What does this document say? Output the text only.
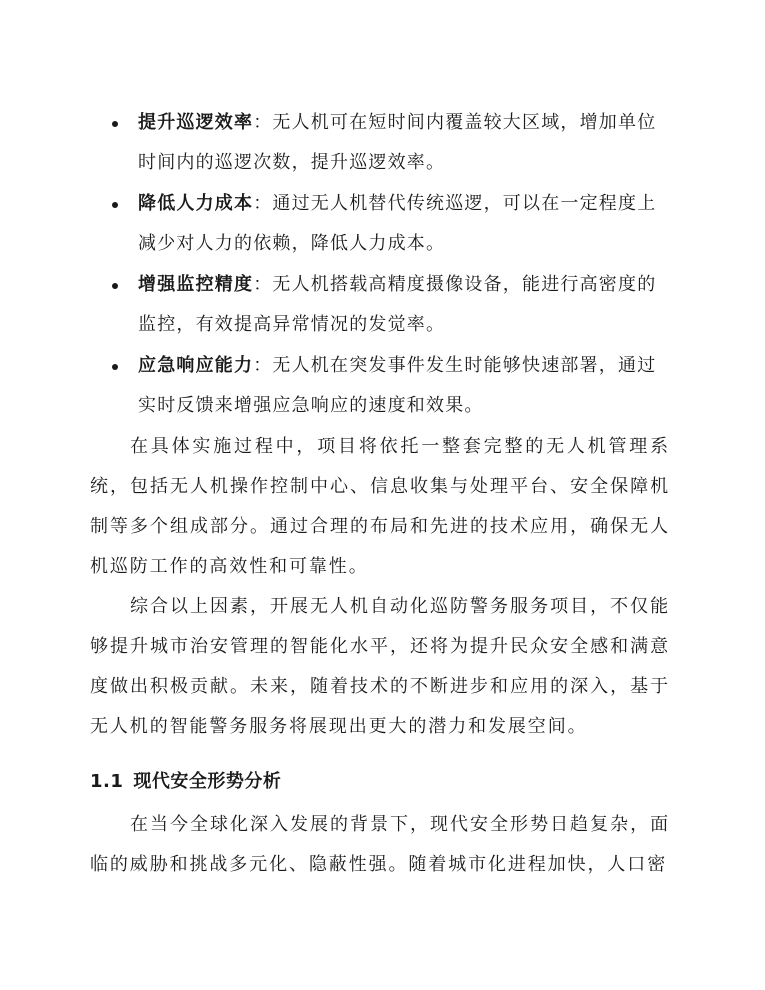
提升巡逻效率：无人机可在短时间内覆盖较大区域，增加单位时间内的巡逻次数，提升巡逻效率。
降低人力成本：通过无人机替代传统巡逻，可以在一定程度上减少对人力的依赖，降低人力成本。
增强监控精度：无人机搭载高精度摄像设备，能进行高密度的监控，有效提高异常情况的发觉率。
应急响应能力：无人机在突发事件发生时能够快速部署，通过实时反馈来增强应急响应的速度和效果。

在具体实施过程中，项目将依托一整套完整的无人机管理系统，包括无人机操作控制中心、信息收集与处理平台、安全保障机制等多个组成部分。通过合理的布局和先进的技术应用，确保无人机巡防工作的高效性和可靠性。

综合以上因素，开展无人机自动化巡防警务服务项目，不仅能够提升城市治安管理的智能化水平，还将为提升民众安全感和满意度做出积极贡献。未来，随着技术的不断进步和应用的深入，基于无人机的智能警务服务将展现出更大的潜力和发展空间。

1.1 现代安全形势分析

在当今全球化深入发展的背景下，现代安全形势日趋复杂，面临的威胁和挑战多元化、隐蔽性强。随着城市化进程加快，人口密
